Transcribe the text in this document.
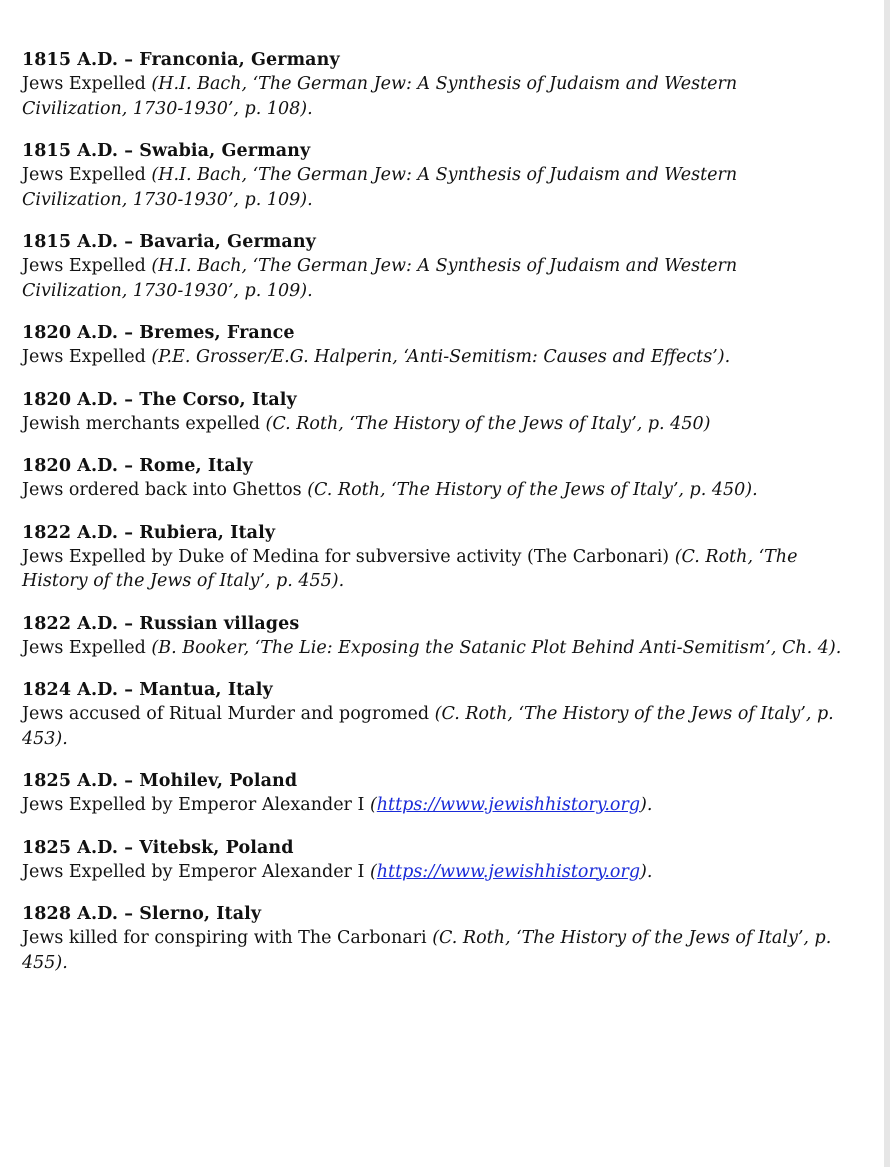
1815 A.D. – Franconia, Germany
Jews Expelled (H.I. Bach, ‘The German Jew: A Synthesis of Judaism and Western Civilization, 1730-1930’, p. 108).
1815 A.D. – Swabia, Germany
Jews Expelled (H.I. Bach, ‘The German Jew: A Synthesis of Judaism and Western Civilization, 1730-1930’, p. 109).
1815 A.D. – Bavaria, Germany
Jews Expelled (H.I. Bach, ‘The German Jew: A Synthesis of Judaism and Western Civilization, 1730-1930’, p. 109).
1820 A.D. – Bremes, France
Jews Expelled (P.E. Grosser/E.G. Halperin, ‘Anti-Semitism: Causes and Effects’).
1820 A.D. – The Corso, Italy
Jewish merchants expelled (C. Roth, ‘The History of the Jews of Italy’, p. 450)
1820 A.D. – Rome, Italy
Jews ordered back into Ghettos (C. Roth, ‘The History of the Jews of Italy’, p. 450).
1822 A.D. – Rubiera, Italy
Jews Expelled by Duke of Medina for subversive activity (The Carbonari) (C. Roth, ‘The History of the Jews of Italy’, p. 455).
1822 A.D. – Russian villages
Jews Expelled (B. Booker, ‘The Lie: Exposing the Satanic Plot Behind Anti-Semitism’, Ch. 4).
1824 A.D. – Mantua, Italy
Jews accused of Ritual Murder and pogromed (C. Roth, ‘The History of the Jews of Italy’, p. 453).
1825 A.D. – Mohilev, Poland
Jews Expelled by Emperor Alexander I (https://www.jewishhistory.org).
1825 A.D. – Vitebsk, Poland
Jews Expelled by Emperor Alexander I (https://www.jewishhistory.org).
1828 A.D. – Slerno, Italy
Jews killed for conspiring with The Carbonari (C. Roth, ‘The History of the Jews of Italy’, p. 455).
